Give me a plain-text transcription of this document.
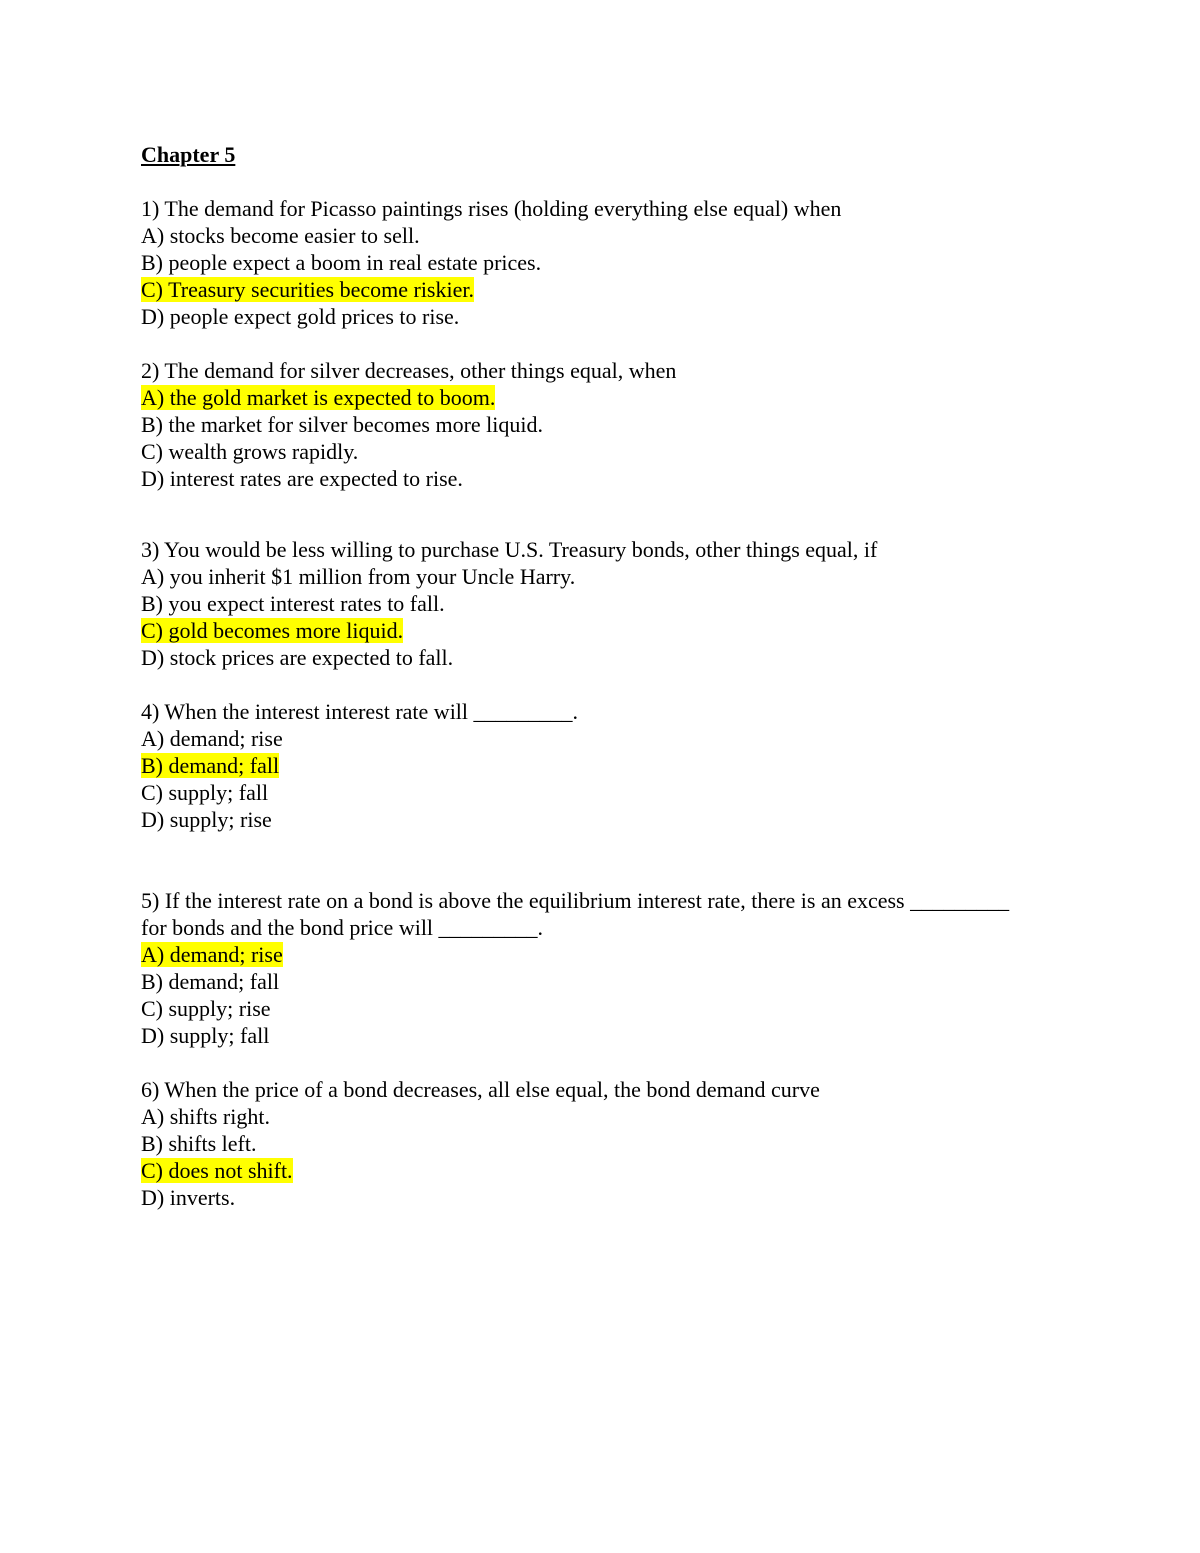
Chapter 5
1) The demand for Picasso paintings rises (holding everything else equal) when
A) stocks become easier to sell.
B) people expect a boom in real estate prices.
C) Treasury securities become riskier.
D) people expect gold prices to rise.
2) The demand for silver decreases, other things equal, when
A) the gold market is expected to boom.
B) the market for silver becomes more liquid.
C) wealth grows rapidly.
D) interest rates are expected to rise.
3) You would be less willing to purchase U.S. Treasury bonds, other things equal, if
A) you inherit $1 million from your Uncle Harry.
B) you expect interest rates to fall.
C) gold becomes more liquid.
D) stock prices are expected to fall.
4) When the interest interest rate will _________.
A) demand; rise
B) demand; fall
C) supply; fall
D) supply; rise
5) If the interest rate on a bond is above the equilibrium interest rate, there is an excess _________
for bonds and the bond price will _________.
A) demand; rise
B) demand; fall
C) supply; rise
D) supply; fall
6) When the price of a bond decreases, all else equal, the bond demand curve
A) shifts right.
B) shifts left.
C) does not shift.
D) inverts.
